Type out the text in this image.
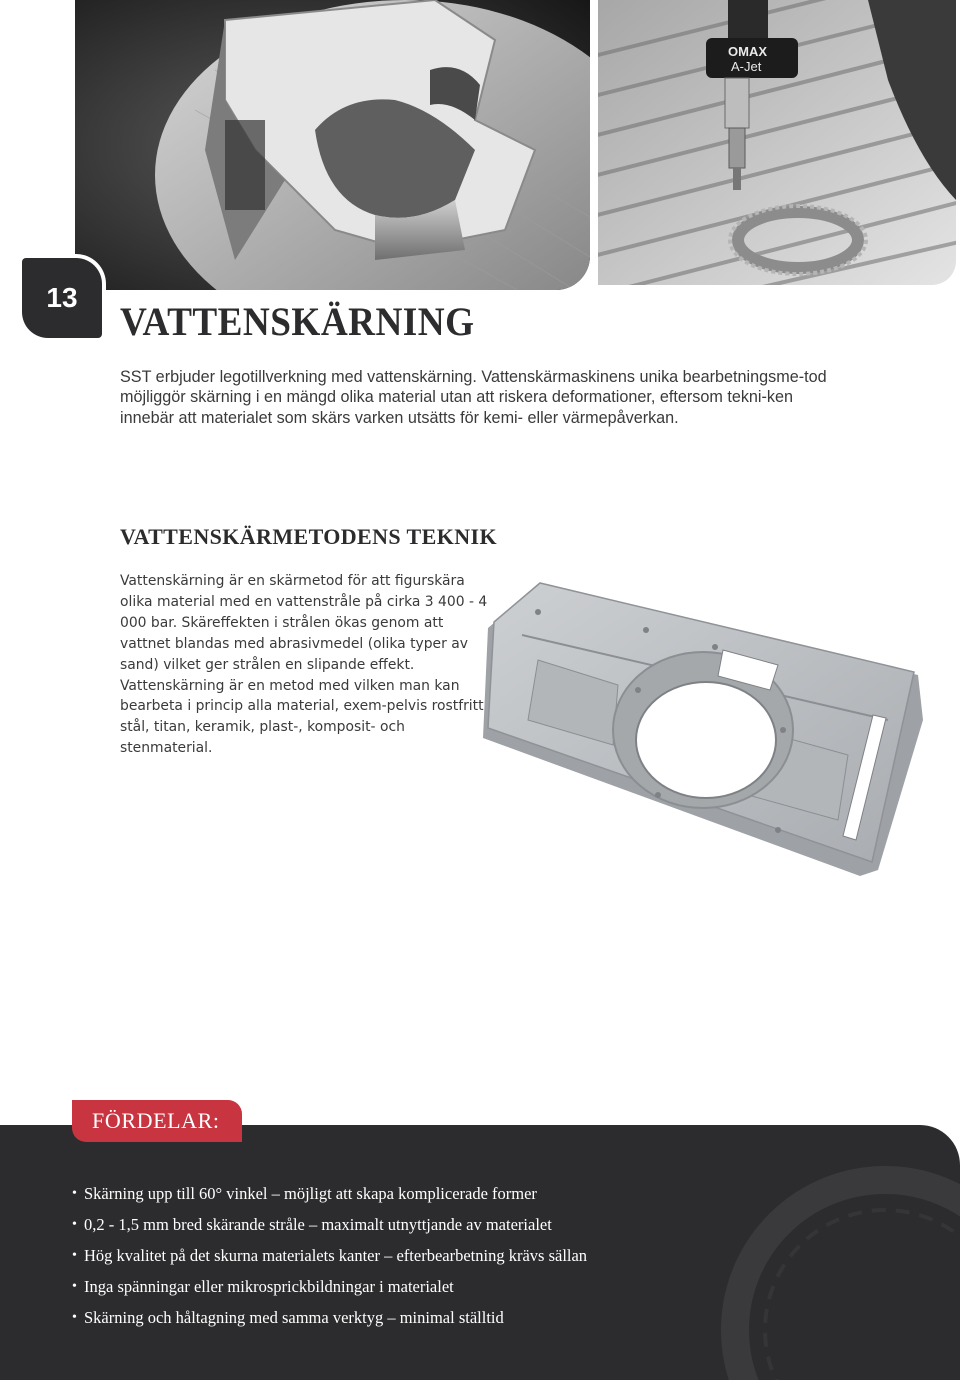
OMAX
A-Jet
13
VATTENSKÄRNING

SST erbjuder legotillverkning med vattenskärning. Vattenskärmaskinens unika bearbetningsme-tod möjliggör skärning i en mängd olika material utan att riskera deformationer, eftersom tekni-ken innebär att materialet som skärs varken utsätts för kemi- eller värmepåverkan.

VATTENSKÄRMETODENS TEKNIK

Vattenskärning är en skärmetod för att figurskära olika material med en vattenstråle på cirka 3 400 - 4 000 bar. Skäreffekten i strålen ökas genom att vattnet blandas med abrasivmedel (olika typer av sand) vilket ger strålen en slipande effekt. Vattenskärning är en metod med vilken man kan bearbeta i princip alla material, exem-pelvis rostfritt stål, titan, keramik, plast-, komposit- och stenmaterial.

FÖRDELAR:
• Skärning upp till 60° vinkel – möjligt att skapa komplicerade former
• 0,2 - 1,5 mm bred skärande stråle – maximalt utnyttjande av materialet
• Hög kvalitet på det skurna materialets kanter – efterbearbetning krävs sällan
• Inga spänningar eller mikrosprickbildningar i materialet
• Skärning och håltagning med samma verktyg – minimal ställtid
